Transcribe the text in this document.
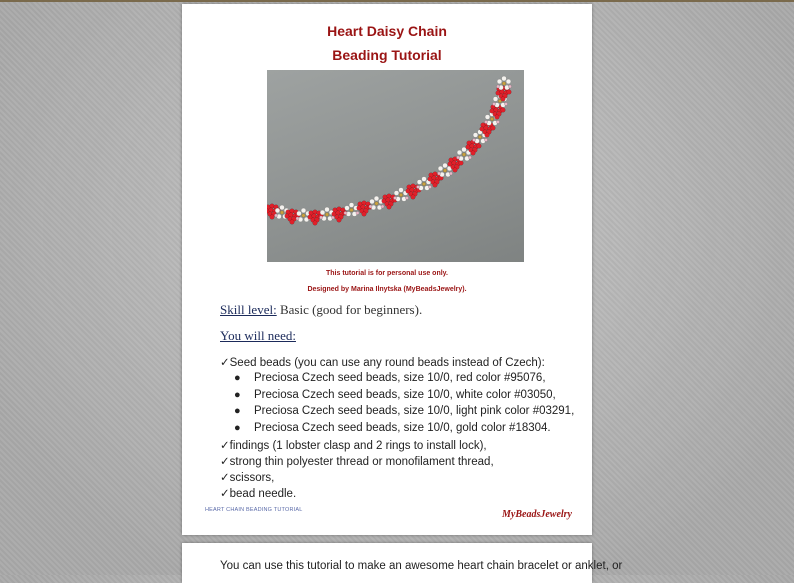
Heart Daisy Chain
Beading Tutorial
This tutorial is for personal use only.
Designed by Marina Ilnytska (MyBeadsJewelry).
Skill level: Basic (good for beginners).
You will need:
✓ Seed beads (you can use any round beads instead of Czech):
● Preciosa Czech seed beads, size 10/0, red color #95076,
● Preciosa Czech seed beads, size 10/0, white color #03050,
● Preciosa Czech seed beads, size 10/0, light pink color #03291,
● Preciosa Czech seed beads, size 10/0, gold color #18304.
✓ findings (1 lobster clasp and 2 rings to install lock),
✓ strong thin polyester thread or monofilament thread,
✓ scissors,
✓ bead needle.
HEART CHAIN BEADING TUTORIAL	MyBeadsJewelry
You can use this tutorial to make an awesome heart chain bracelet or anklet, or
